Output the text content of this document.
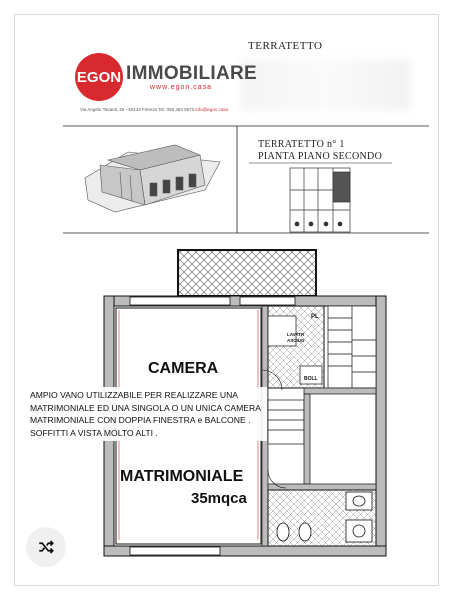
TERRATETTO
EGON IMMOBILIARE
www.egon.casa
Via Angelo Tavanti, 26 - 50134 Firenze Tel. 055 463 0570 info@egon.casa
TERRATETTO n° 1
PIANTA PIANO SECONDO
CAMERA
MATRIMONIALE
35mqca
PL
LAVATR
ASCIUG
BOLL
AMPIO VANO UTILIZZABILE PER REALIZZARE UNA MATRIMONIALE ED UNA SINGOLA O UN UNICA CAMERA MATRIMONIALE CON DOPPIA FINESTRA e BALCONE . SOFFITTI A VISTA MOLTO ALTI .
